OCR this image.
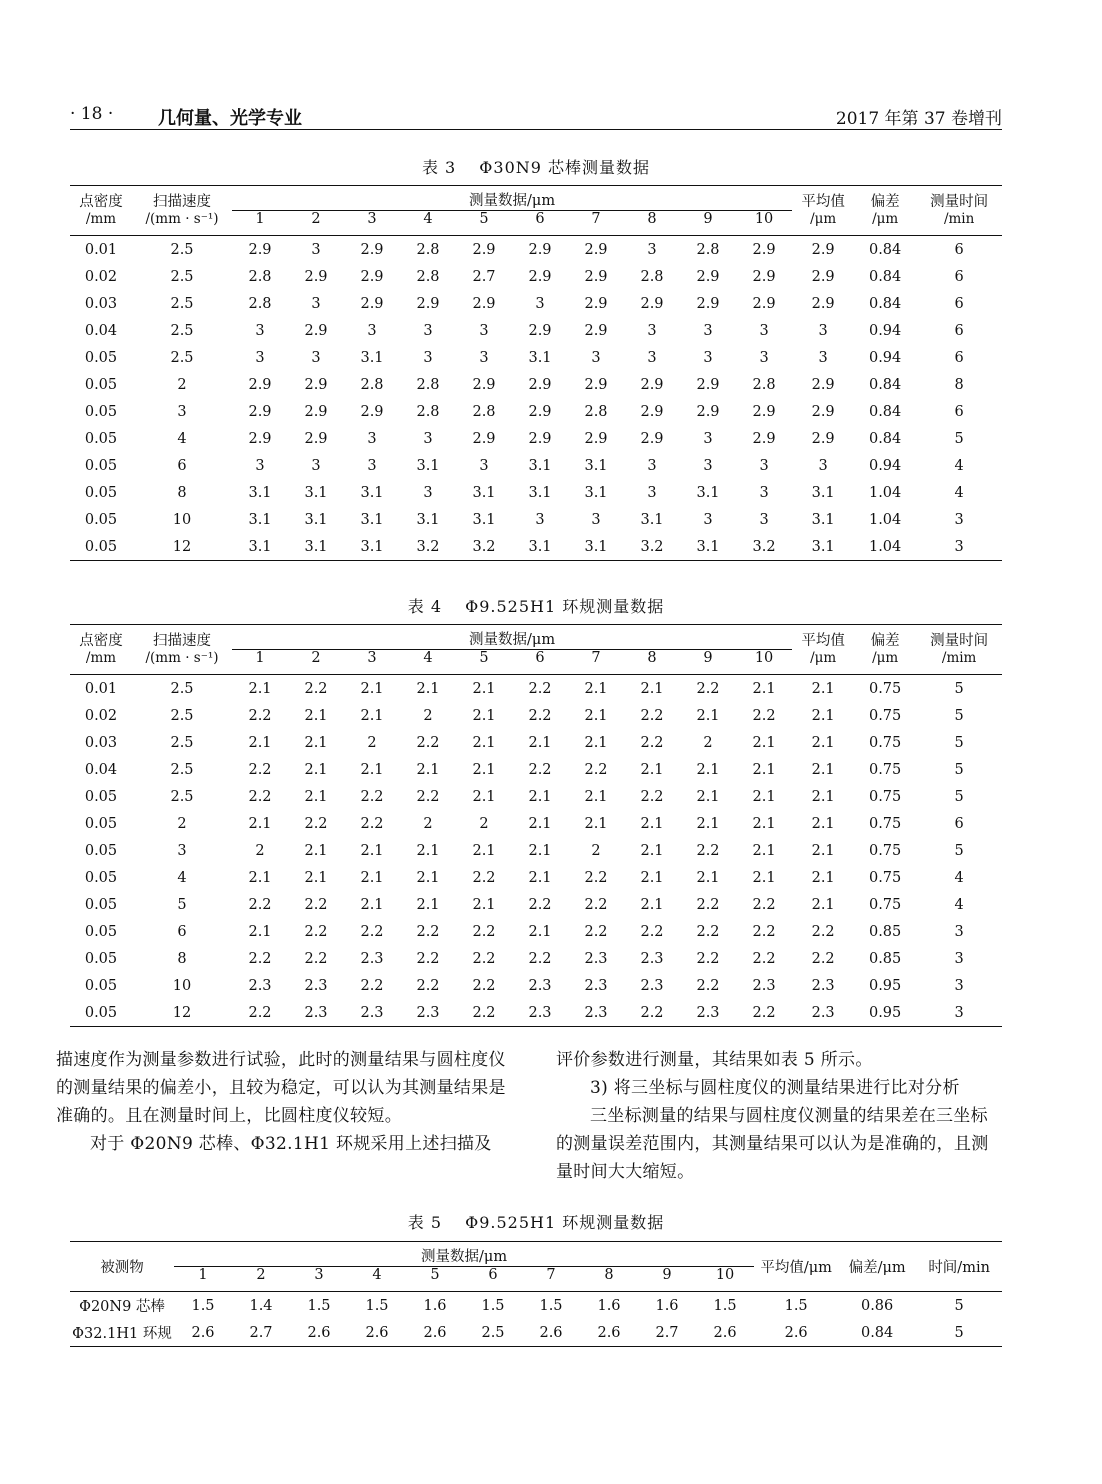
· 18 · 几何量、光学专业	2017 年第 37 卷增刊
表 3 　Φ30N9 芯棒测量数据
点密度	扫描速度	测量数据/μm										平均值	偏差	测量时间
/mm	/(mm · s⁻¹)	1	2	3	4	5	6	7	8	9	10	/μm	/μm	/min
0.01	2.5	2.9	3	2.9	2.8	2.9	2.9	2.9	3	2.8	2.9	2.9	0.84	6
0.02	2.5	2.8	2.9	2.9	2.8	2.7	2.9	2.9	2.8	2.9	2.9	2.9	0.84	6
0.03	2.5	2.8	3	2.9	2.9	2.9	3	2.9	2.9	2.9	2.9	2.9	0.84	6
0.04	2.5	3	2.9	3	3	3	2.9	2.9	3	3	3	3	0.94	6
0.05	2.5	3	3	3.1	3	3	3.1	3	3	3	3	3	0.94	6
0.05	2	2.9	2.9	2.8	2.8	2.9	2.9	2.9	2.9	2.9	2.8	2.9	0.84	8
0.05	3	2.9	2.9	2.9	2.8	2.8	2.9	2.8	2.9	2.9	2.9	2.9	0.84	6
0.05	4	2.9	2.9	3	3	2.9	2.9	2.9	2.9	3	2.9	2.9	0.84	5
0.05	6	3	3	3	3.1	3	3.1	3.1	3	3	3	3	0.94	4
0.05	8	3.1	3.1	3.1	3	3.1	3.1	3.1	3	3.1	3	3.1	1.04	4
0.05	10	3.1	3.1	3.1	3.1	3.1	3	3	3.1	3	3	3.1	1.04	3
0.05	12	3.1	3.1	3.1	3.2	3.2	3.1	3.1	3.2	3.1	3.2	3.1	1.04	3
表 4 　Φ9.525H1 环规测量数据
点密度	扫描速度	测量数据/μm										平均值	偏差	测量时间
/mm	/(mm · s⁻¹)	1	2	3	4	5	6	7	8	9	10	/μm	/μm	/mim
0.01	2.5	2.1	2.2	2.1	2.1	2.1	2.2	2.1	2.1	2.2	2.1	2.1	0.75	5
0.02	2.5	2.2	2.1	2.1	2	2.1	2.2	2.1	2.2	2.1	2.2	2.1	0.75	5
0.03	2.5	2.1	2.1	2	2.2	2.1	2.1	2.1	2.2	2	2.1	2.1	0.75	5
0.04	2.5	2.2	2.1	2.1	2.1	2.1	2.2	2.2	2.1	2.1	2.1	2.1	0.75	5
0.05	2.5	2.2	2.1	2.2	2.2	2.1	2.1	2.1	2.2	2.1	2.1	2.1	0.75	5
0.05	2	2.1	2.2	2.2	2	2	2.1	2.1	2.1	2.1	2.1	2.1	0.75	6
0.05	3	2	2.1	2.1	2.1	2.1	2.1	2	2.1	2.2	2.1	2.1	0.75	5
0.05	4	2.1	2.1	2.1	2.1	2.2	2.1	2.2	2.1	2.1	2.1	2.1	0.75	4
0.05	5	2.2	2.2	2.1	2.1	2.1	2.2	2.2	2.1	2.2	2.2	2.1	0.75	4
0.05	6	2.1	2.2	2.2	2.2	2.2	2.1	2.2	2.2	2.2	2.2	2.2	0.85	3
0.05	8	2.2	2.2	2.3	2.2	2.2	2.2	2.3	2.3	2.2	2.2	2.2	0.85	3
0.05	10	2.3	2.3	2.2	2.2	2.2	2.3	2.3	2.3	2.2	2.3	2.3	0.95	3
0.05	12	2.2	2.3	2.3	2.3	2.2	2.3	2.3	2.2	2.3	2.2	2.3	0.95	3

描速度作为测量参数进行试验，此时的测量结果与圆柱度仪的测量结果的偏差小，且较为稳定，可以认为其测量结果是准确的。且在测量时间上，比圆柱度仪较短。

对于 Φ20N9 芯棒、Φ32.1H1 环规采用上述扫描及

评价参数进行测量，其结果如表 5 所示。

3) 将三坐标与圆柱度仪的测量结果进行比对分析

三坐标测量的结果与圆柱度仪测量的结果差在三坐标的测量误差范围内，其测量结果可以认为是准确的，且测量时间大大缩短。

表 5 　Φ9.525H1 环规测量数据
被测物	测量数据/μm										平均值/μm	偏差/μm	时间/min
	1	2	3	4	5	6	7	8	9	10			
Φ20N9 芯棒	1.5	1.4	1.5	1.5	1.6	1.5	1.5	1.6	1.6	1.5	1.5	0.86	5
Φ32.1H1 环规	2.6	2.7	2.6	2.6	2.6	2.5	2.6	2.6	2.7	2.6	2.6	0.84	5
